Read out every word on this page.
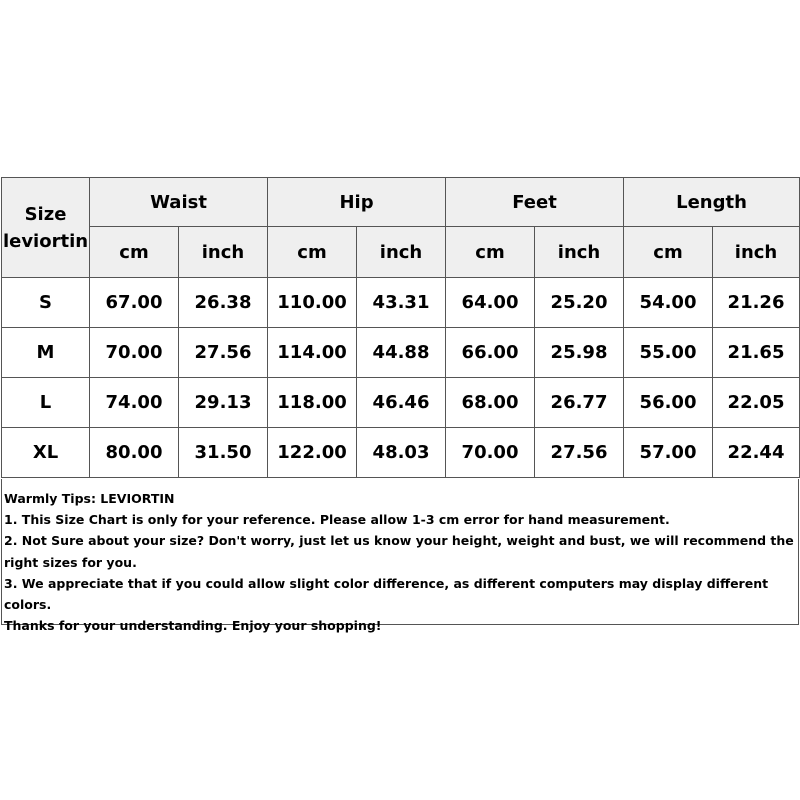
Size
leviortin	Waist		Hip		Feet		Length	
	cm	inch	cm	inch	cm	inch	cm	inch
S	67.00	26.38	110.00	43.31	64.00	25.20	54.00	21.26
M	70.00	27.56	114.00	44.88	66.00	25.98	55.00	21.65
L	74.00	29.13	118.00	46.46	68.00	26.77	56.00	22.05
XL	80.00	31.50	122.00	48.03	70.00	27.56	57.00	22.44
Warmly Tips: LEVIORTIN
1. This Size Chart is only for your reference. Please allow 1-3 cm error for hand measurement.
2. Not Sure about your size? Don't worry, just let us know your height, weight and bust, we will recommend the right sizes for you.
3. We appreciate that if you could allow slight color difference, as different computers may display different colors.
Thanks for your understanding. Enjoy your shopping!
